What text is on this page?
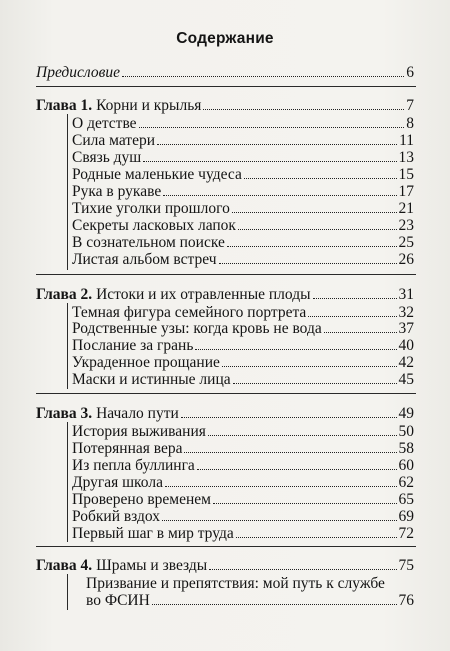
Содержание
Предисловие	6
Глава 1. Корни и крылья	7
О детстве	8
Сила матери	11
Связь душ	13
Родные маленькие чудеса	15
Рука в рукаве	17
Тихие уголки прошлого	21
Секреты ласковых лапок	23
В сознательном поиске	25
Листая альбом встреч	26
Глава 2. Истоки и их отравленные плоды	31
Темная фигура семейного портрета	32
Родственные узы: когда кровь не вода	37
Послание за грань	40
Украденное прощание	42
Маски и истинные лица	45
Глава 3. Начало пути	49
История выживания	50
Потерянная вера	58
Из пепла буллинга	60
Другая школа	62
Проверено временем	65
Робкий вздох	69
Первый шаг в мир труда	72
Глава 4. Шрамы и звезды	75
Призвание и препятствия: мой путь к службе
во ФСИН	76
